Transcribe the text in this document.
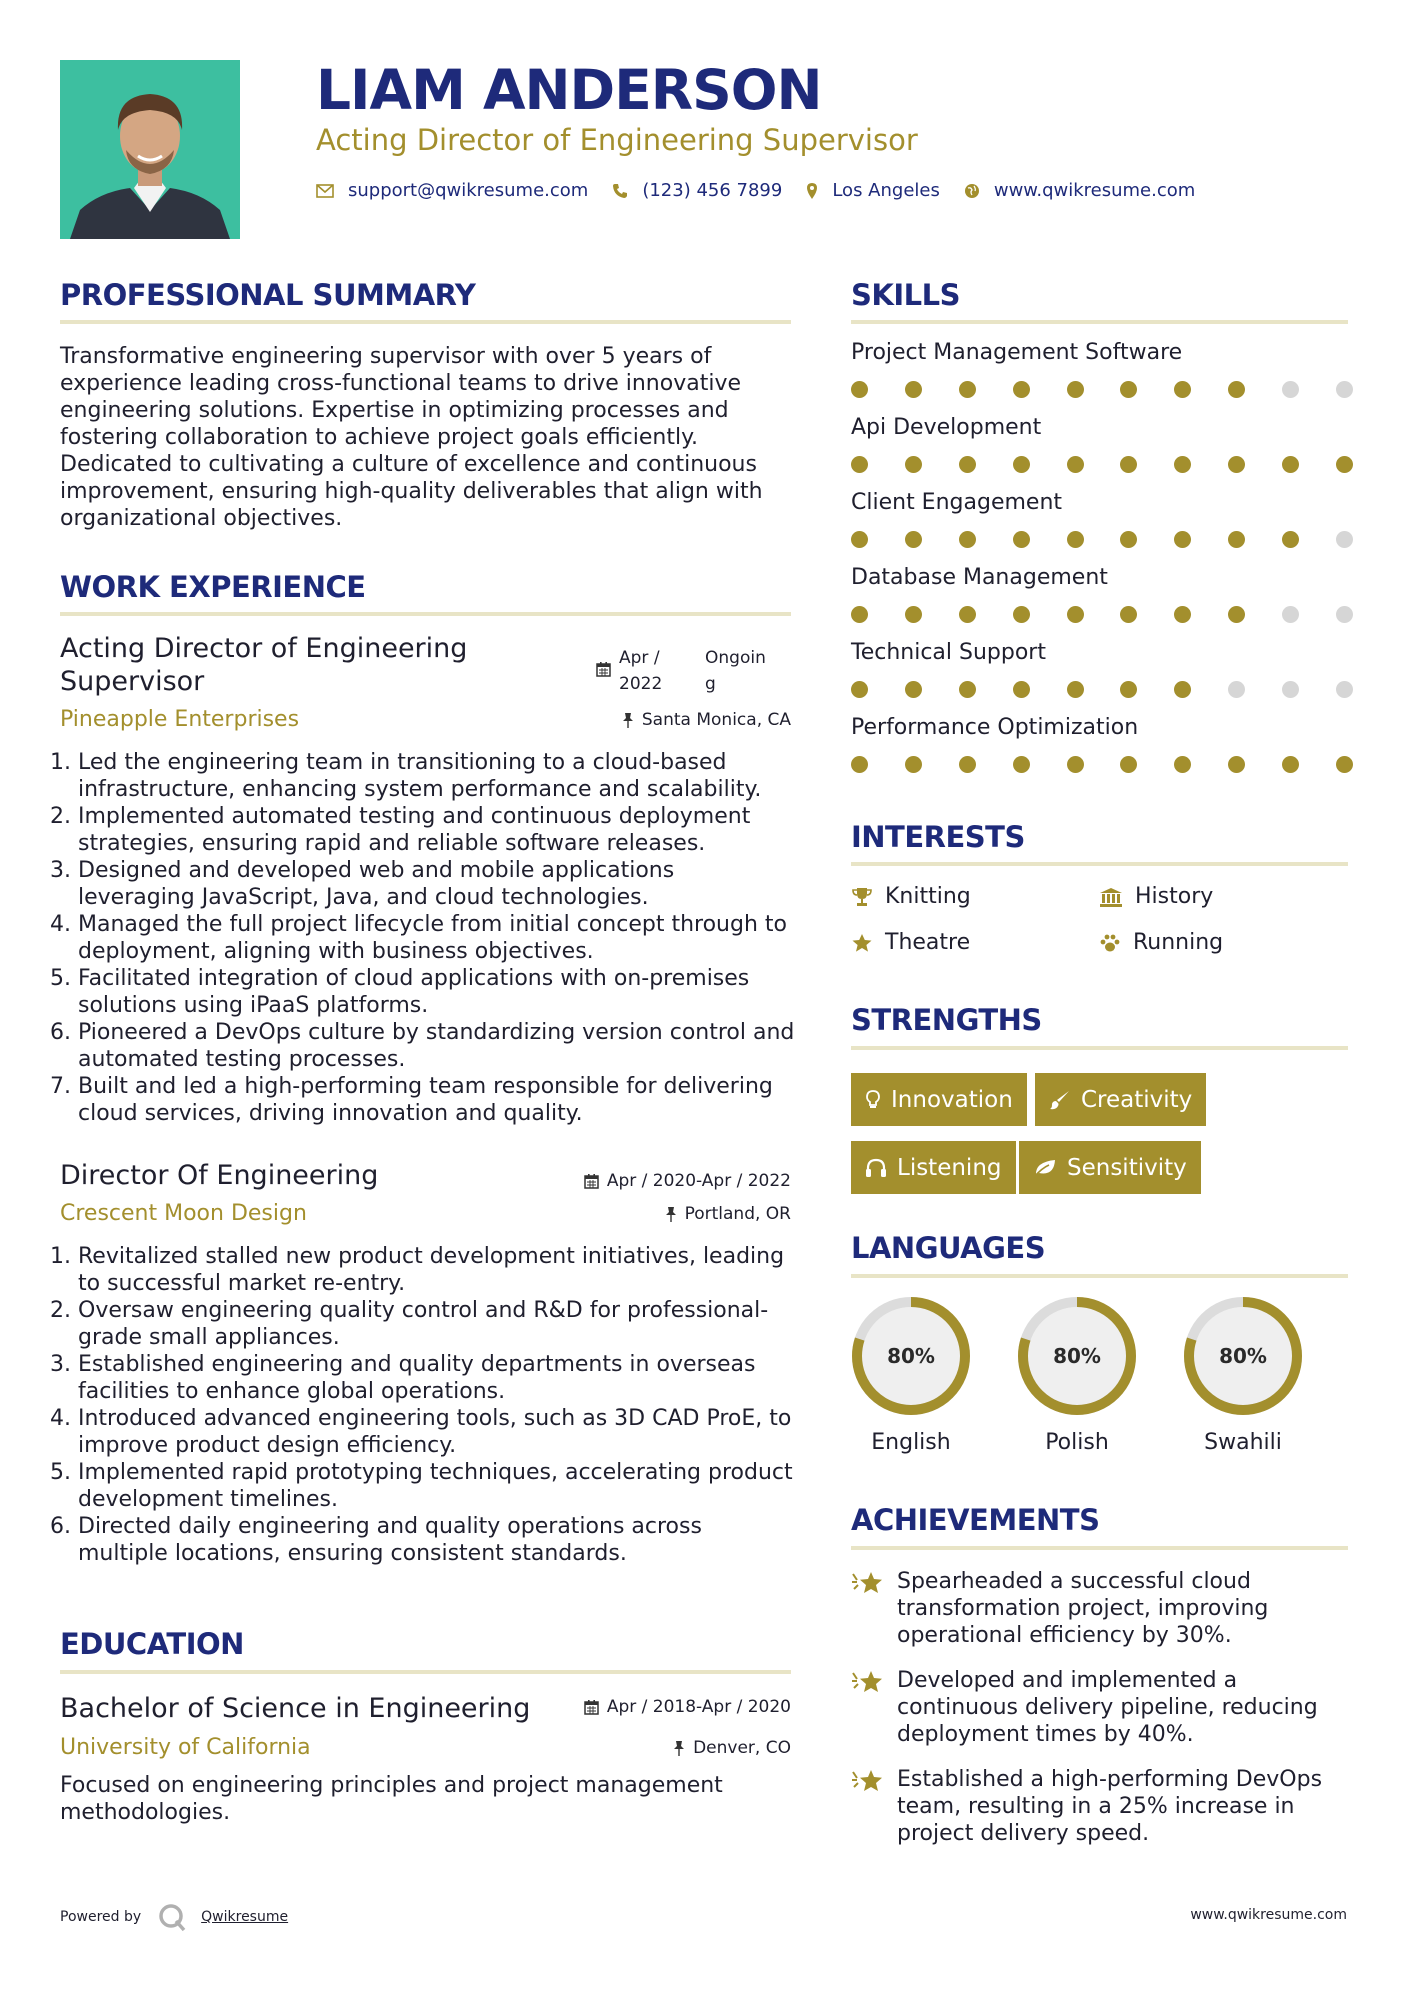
LIAM ANDERSON
Acting Director of Engineering Supervisor
support@qwikresume.com	(123) 456 7899	Los Angeles	www.qwikresume.com
PROFESSIONAL SUMMARY
Transformative engineering supervisor with over 5 years of experience leading cross-functional teams to drive innovative engineering solutions. Expertise in optimizing processes and fostering collaboration to achieve project goals efficiently. Dedicated to cultivating a culture of excellence and continuous improvement, ensuring high-quality deliverables that align with organizational objectives.
WORK EXPERIENCE
Acting Director of Engineering Supervisor
Apr / 2022
Ongoing
Pineapple Enterprises	Santa Monica, CA
1. Led the engineering team in transitioning to a cloud-based infrastructure, enhancing system performance and scalability.
2. Implemented automated testing and continuous deployment strategies, ensuring rapid and reliable software releases.
3. Designed and developed web and mobile applications leveraging JavaScript, Java, and cloud technologies.
4. Managed the full project lifecycle from initial concept through to deployment, aligning with business objectives.
5. Facilitated integration of cloud applications with on-premises solutions using iPaaS platforms.
6. Pioneered a DevOps culture by standardizing version control and automated testing processes.
7. Built and led a high-performing team responsible for delivering cloud services, driving innovation and quality.
Director Of Engineering	Apr / 2020-Apr / 2022
Crescent Moon Design	Portland, OR
1. Revitalized stalled new product development initiatives, leading to successful market re-entry.
2. Oversaw engineering quality control and R&D for professional-grade small appliances.
3. Established engineering and quality departments in overseas facilities to enhance global operations.
4. Introduced advanced engineering tools, such as 3D CAD ProE, to improve product design efficiency.
5. Implemented rapid prototyping techniques, accelerating product development timelines.
6. Directed daily engineering and quality operations across multiple locations, ensuring consistent standards.
EDUCATION
Bachelor of Science in Engineering	Apr / 2018-Apr / 2020
University of California	Denver, CO
Focused on engineering principles and project management methodologies.
SKILLS
Project Management Software
Api Development
Client Engagement
Database Management
Technical Support
Performance Optimization
INTERESTS
Knitting	History
Theatre	Running
STRENGTHS
Innovation	Creativity
Listening	Sensitivity
LANGUAGES
80%
English
80%
Polish
80%
Swahili
ACHIEVEMENTS
Spearheaded a successful cloud transformation project, improving operational efficiency by 30%.
Developed and implemented a continuous delivery pipeline, reducing deployment times by 40%.
Established a high-performing DevOps team, resulting in a 25% increase in project delivery speed.
Powered by	Qwikresume	www.qwikresume.com
